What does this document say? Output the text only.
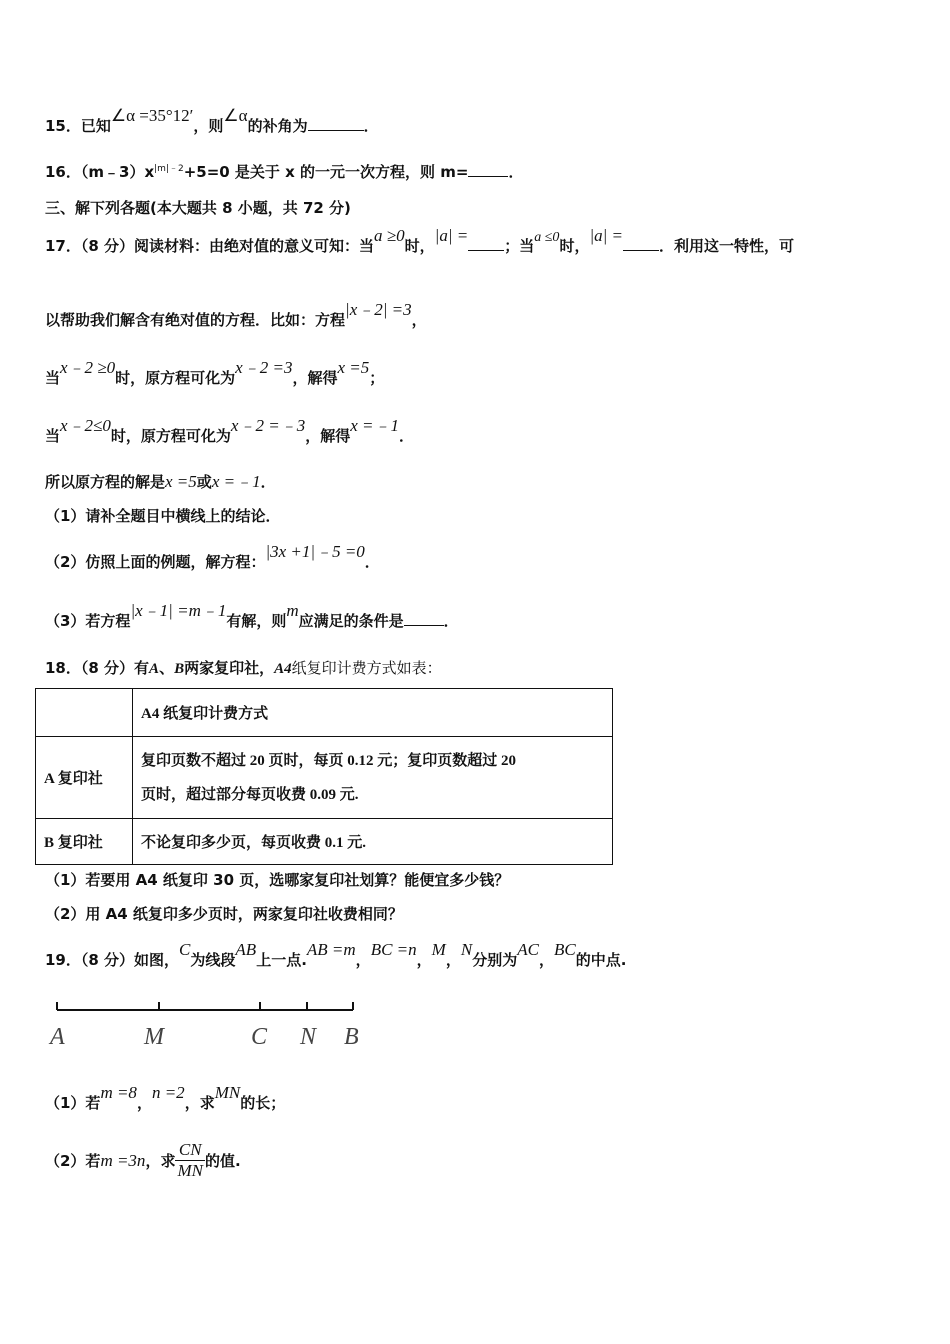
15．已知∠α =35°12′，则∠α的补角为	．
16．$(m﹣3)x^{|m|﹣2}+5=0$ 是关于 x 的一元一次方程，则 m=	．
三、解下列各题(本大题共 8 小题，共 72 分)
17．（8 分）阅读材料：由绝对值的意义可知：当a ≥0时，|a| =；当a ≤0时，|a| =．利用这一特性，可
以帮助我们解含有绝对值的方程．比如：方程|x﹣2| =3，
当x﹣2 ≥0时，原方程可化为x﹣2 =3，解得x =5；
当x﹣2≤0时，原方程可化为x﹣2 =﹣3，解得x =﹣1．
所以原方程的解是x =5或x =﹣1．
（1）请补全题目中横线上的结论．
（2）仿照上面的例题，解方程：|3x +1|﹣5 =0．
（3）若方程|x﹣1| =m﹣1有解，则m应满足的条件是	．
18．（8 分）有A、B两家复印社，A4纸复印计费方式如表：
	A4 纸复印计费方式
A 复印社	复印页数不超过 20 页时，每页 0.12 元；复印页数超过 20
页时，超过部分每页收费 0.09 元.

B 复印社	不论复印多少页，每页收费 0.1 元.
（1）若要用 A4 纸复印 30 页，选哪家复印社划算？能便宜多少钱？
（2）用 A4 纸复印多少页时，两家复印社收费相同？
19．（8 分）如图，C为线段AB上一点.AB =m，BC =n，M，N分别为AC，BC的中点.
A	M	C N B
（1）若m =8，n =2，求MN的长；
（2）若m =3n，求 $\frac{CN}{MN}$ 的值.
